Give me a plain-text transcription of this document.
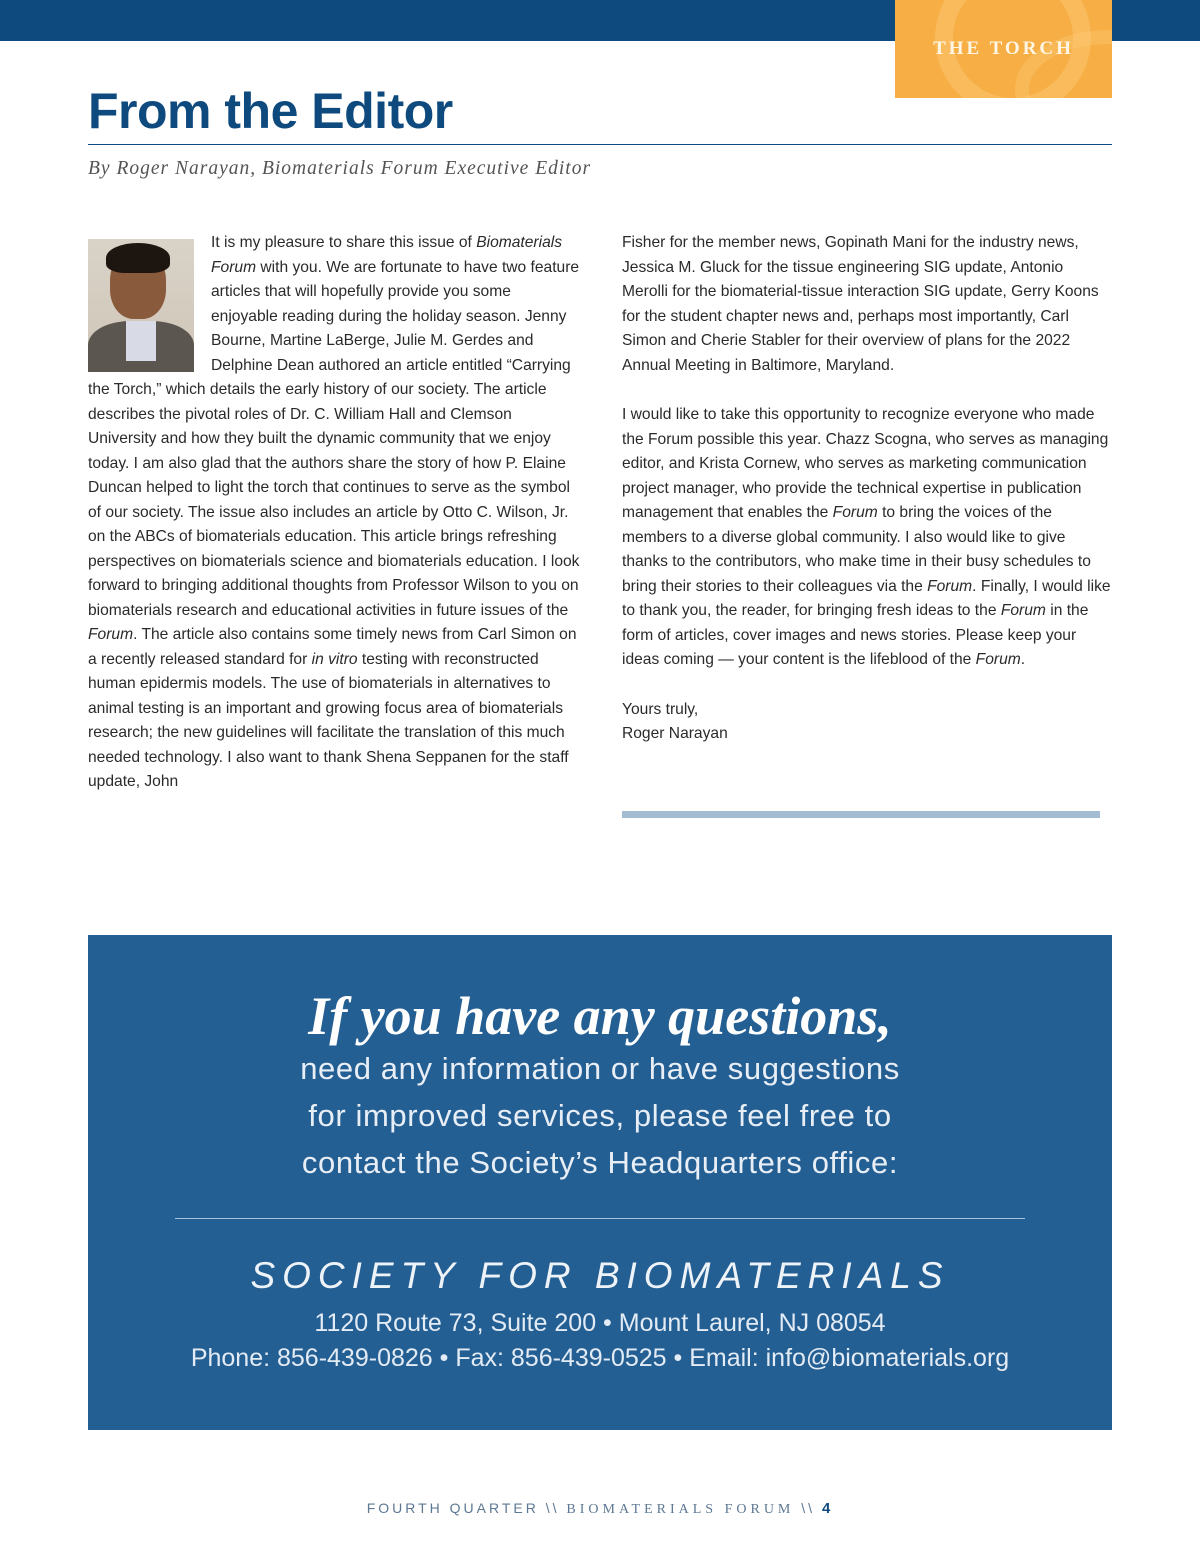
THE TORCH
From the Editor
By Roger Narayan, Biomaterials Forum Executive Editor

It is my pleasure to share this issue of Biomaterials Forum with you. We are fortunate to have two feature articles that will hopefully provide you some enjoyable reading during the holiday season. Jenny Bourne, Martine LaBerge, Julie M. Gerdes and Delphine Dean authored an article entitled “Carrying the Torch,” which details the early history of our society. The article describes the pivotal roles of Dr. C. William Hall and Clemson University and how they built the dynamic community that we enjoy today. I am also glad that the authors share the story of how P. Elaine Duncan helped to light the torch that continues to serve as the symbol of our society. The issue also includes an article by Otto C. Wilson, Jr. on the ABCs of biomaterials education. This article brings refreshing perspectives on biomaterials science and biomaterials education. I look forward to bringing additional thoughts from Professor Wilson to you on biomaterials research and educational activities in future issues of the Forum. The article also contains some timely news from Carl Simon on a recently released standard for in vitro testing with reconstructed human epidermis models. The use of biomaterials in alternatives to animal testing is an important and growing focus area of biomaterials research; the new guidelines will facilitate the translation of this much needed technology. I also want to thank Shena Seppanen for the staff update, John

Fisher for the member news, Gopinath Mani for the industry news, Jessica M. Gluck for the tissue engineering SIG update, Antonio Merolli for the biomaterial-tissue interaction SIG update, Gerry Koons for the student chapter news and, perhaps most importantly, Carl Simon and Cherie Stabler for their overview of plans for the 2022 Annual Meeting in Baltimore, Maryland.

I would like to take this opportunity to recognize everyone who made the Forum possible this year. Chazz Scogna, who serves as managing editor, and Krista Cornew, who serves as marketing communication project manager, who provide the technical expertise in publication management that enables the Forum to bring the voices of the members to a diverse global community. I also would like to give thanks to the contributors, who make time in their busy schedules to bring their stories to their colleagues via the Forum. Finally, I would like to thank you, the reader, for bringing fresh ideas to the Forum in the form of articles, cover images and news stories. Please keep your ideas coming — your content is the lifeblood of the Forum.

Yours truly,
Roger Narayan

If you have any questions,
need any information or have suggestions
for improved services, please feel free to
contact the Society’s Headquarters office:
SOCIETY FOR BIOMATERIALS
1120 Route 73, Suite 200 • Mount Laurel, NJ 08054
Phone: 856-439-0826 • Fax: 856-439-0525 • Email: info@biomaterials.org
FOURTH QUARTER \\ BIOMATERIALS FORUM \\ 4
